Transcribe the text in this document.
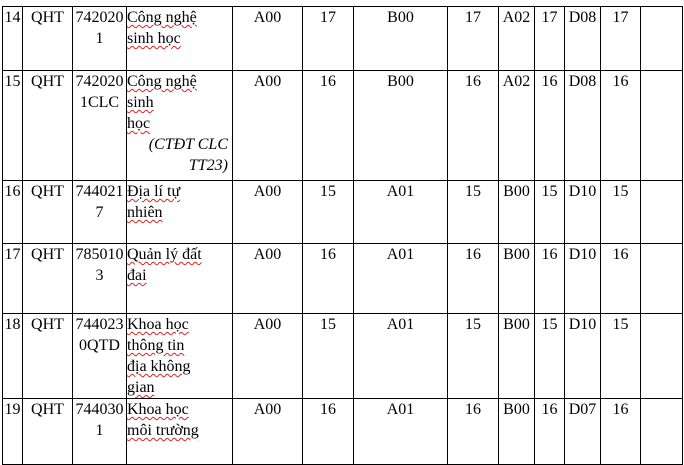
14	QHT	7420201	Công nghệ
sinh học	A00	17	B00	17	A02	17	D08	17	
15	QHT	7420201CLC	Công nghệ
sinh
học
(CTĐT CLC TT23)	A00	16	B00	16	A02	16	D08	16	
16	QHT	7440217	Địa lí tự
nhiên	A00	15	A01	15	B00	15	D10	15	
17	QHT	7850103	Quản lý đất
đai	A00	16	A01	16	B00	16	D10	16	
18	QHT	7440230QTD	Khoa học
thông tin
địa không
gian	A00	15	A01	15	B00	15	D10	15	
19	QHT	7440301	Khoa học
môi trường	A00	16	A01	16	B00	16	D07	16	
